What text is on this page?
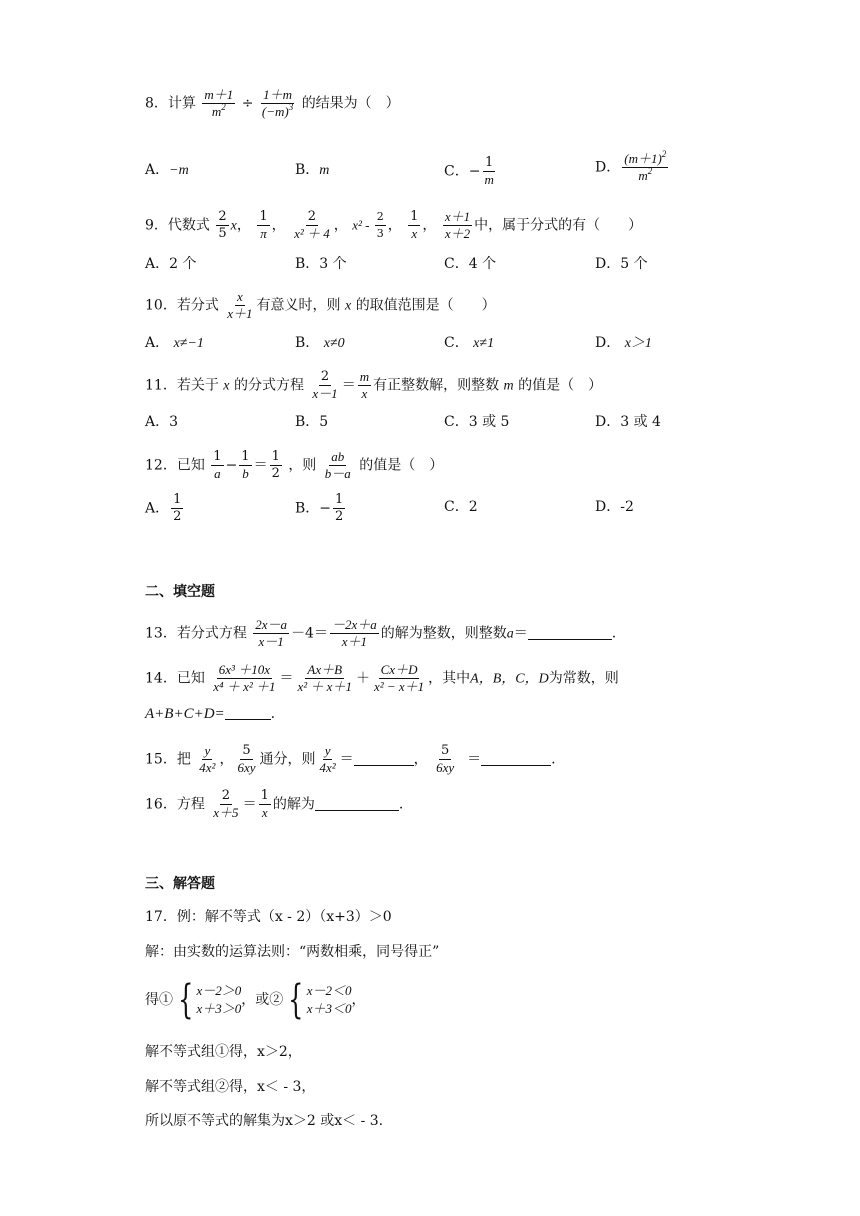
8．计算 $\frac{m+1}{m^2} \div \frac{1+m}{(-m)^3}$ 的结果为（　）
A．−m	B．m	C．− $\frac{1}{m}$	D． $\frac{(m+1)^2}{m^2}$
9．代数式 $\frac{2}{5}$ x， $\frac{1}{\pi}$ ， $\frac{2}{\text{x² ＋ 4}}$ ， $x^2 - \frac{2}{3}$ ， $\frac{1}{x}$ ， $\frac{x+1}{x+2}$ 中，属于分式的有（　　）
A．2 个	B．3 个	C．4 个	D．5 个
10．若分式 $\frac{x}{x+1}$ 有意义时，则 x 的取值范围是（　　）
A． x≠−1	B． x≠0	C． x≠1	D． x＞1
11．若关于 x 的分式方程 $\frac{2}{x-1} = \frac{m}{x}$ 有正整数解，则整数 m 的值是（　）
A．3	B．5	C．3 或 5	D．3 或 4
12．已知 $\frac{1}{a} - \frac{1}{b} = \frac{1}{2}$ ，则 $\frac{ab}{b-a}$ 的值是（　）
A． $\frac{1}{2}$	B．− $\frac{1}{2}$	C．2	D．-2
二、填空题
13．若分式方程 $\frac{2x-a}{x-1} -4= \frac{-2x+a}{x+1}$ 的解为整数，则整数a＝	.
14．已知 $\frac{\text{6x³ ＋10x}}{\text{x⁴ ＋ x² ＋1}} = \frac{Ax+B}{\text{x² ＋ x＋1}} + \frac{Cx+D}{\text{x² − x＋1}}$ ，其中A，B，C，D为常数，则
A+B+C+D=	.
15．把 $\frac{y}{\text{4x²}}$ ， $\frac{5}{6xy}$ 通分，则 $\frac{y}{\text{4x²}}$ ＝	， $\frac{5}{6xy}$ ＝	.
16．方程 $\frac{2}{x+5} = \frac{1}{x}$ 的解为	.
三、解答题
17．例：解不等式（x - 2）（x+3）＞0
解：由实数的运算法则：“两数相乘，同号得正”
得① { x－2＞0
x＋3＞0
，或② { x－2＜0
x＋3＜0
，
解不等式组①得，x＞2，
解不等式组②得，x＜ - 3，
所以原不等式的解集为x＞2 或x＜ - 3.
